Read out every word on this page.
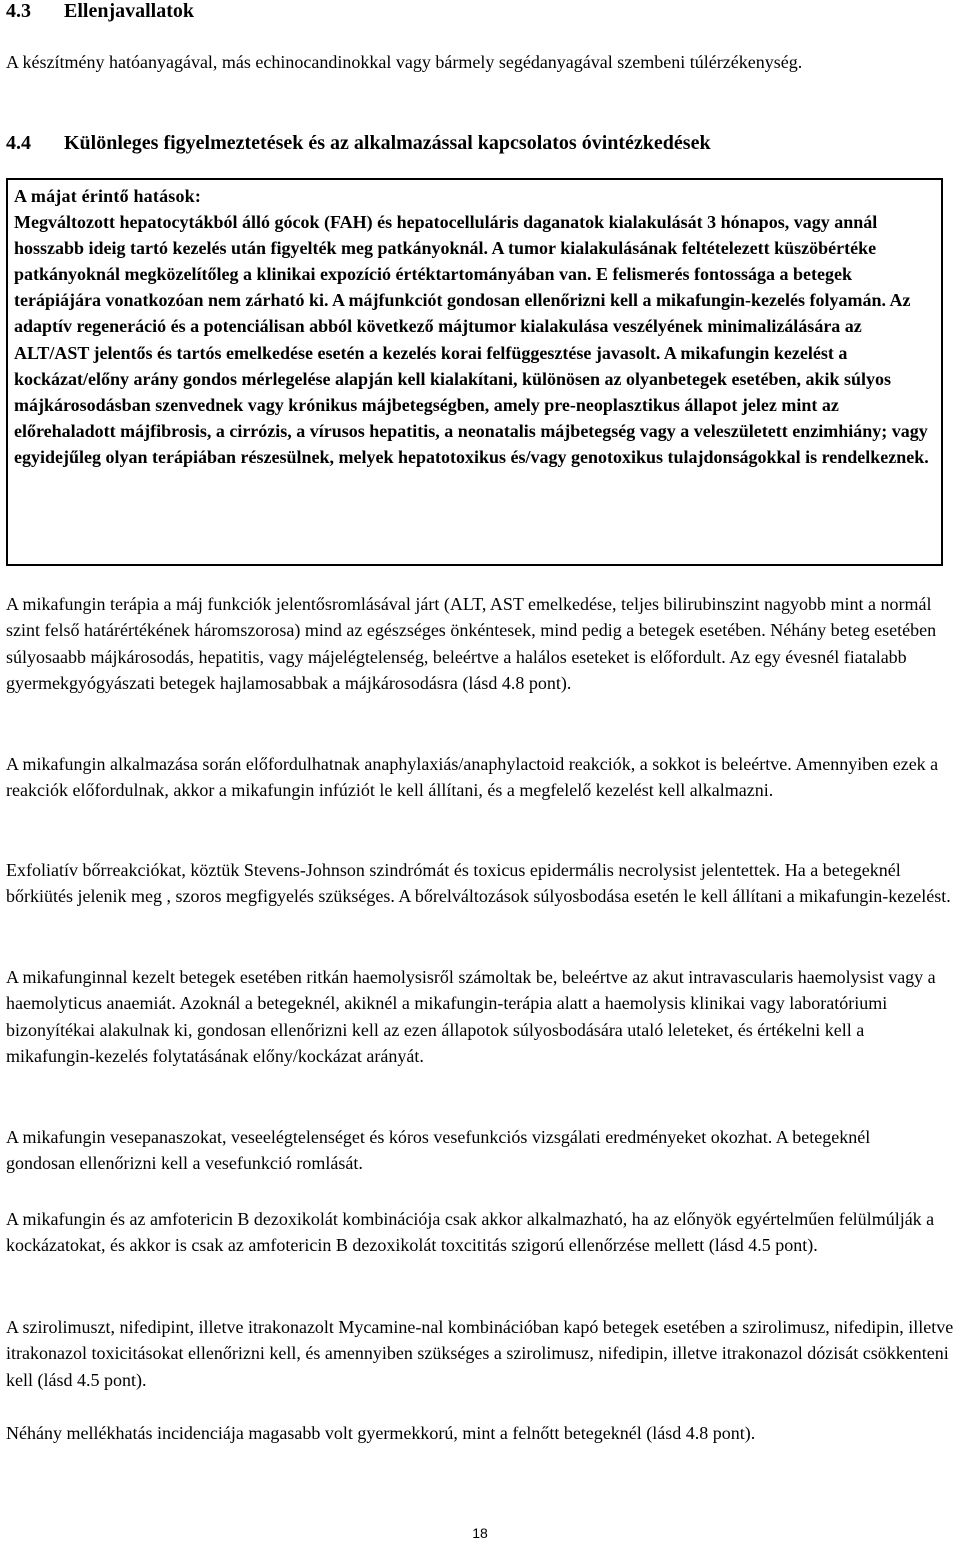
4.3 Ellenjavallatok

A készítmény hatóanyagával, más echinocandinokkal vagy bármely segédanyagával szembeni túlérzékenység.

4.4 Különleges figyelmeztetések és az alkalmazással kapcsolatos óvintézkedések

A májat érintő hatások:

Megváltozott hepatocytákból álló gócok (FAH) és hepatocelluláris daganatok kialakulását 3 hónapos, vagy annál hosszabb ideig tartó kezelés után figyelték meg patkányoknál. A tumor kialakulásának feltételezett küszöbértéke patkányoknál megközelítőleg a klinikai expozíció értéktartományában van. E felismerés fontossága a betegek terápiájára vonatkozóan nem zárható ki. A májfunkciót gondosan ellenőrizni kell a mikafungin-kezelés folyamán. Az adaptív regeneráció és a potenciálisan abból következő májtumor kialakulása veszélyének minimalizálására az ALT/AST jelentős és tartós emelkedése esetén a kezelés korai felfüggesztése javasolt. A mikafungin kezelést a kockázat/előny arány gondos mérlegelése alapján kell kialakítani, különösen az olyanbetegek esetében, akik súlyos májkárosodásban szenvednek vagy krónikus májbetegségben, amely pre-neoplasztikus állapot jelez mint az előrehaladott májfibrosis, a cirrózis, a vírusos hepatitis, a neonatalis májbetegség vagy a veleszületett enzimhiány; vagy egyidejűleg olyan terápiában részesülnek, melyek hepatotoxikus és/vagy genotoxikus tulajdonságokkal is rendelkeznek.

A mikafungin terápia a máj funkciók jelentősromlásával járt (ALT, AST emelkedése, teljes bilirubinszint nagyobb mint a normál szint felső határértékének háromszorosa) mind az egészséges önkéntesek, mind pedig a betegek esetében. Néhány beteg esetében súlyosaabb májkárosodás, hepatitis, vagy májelégtelenség, beleértve a halálos eseteket is előfordult. Az egy évesnél fiatalabb gyermekgyógyászati betegek hajlamosabbak a májkárosodásra (lásd 4.8 pont).

A mikafungin alkalmazása során előfordulhatnak anaphylaxiás/anaphylactoid reakciók, a sokkot is beleértve. Amennyiben ezek a reakciók előfordulnak, akkor a mikafungin infúziót le kell állítani, és a megfelelő kezelést kell alkalmazni.

Exfoliatív bőrreakciókat, köztük Stevens-Johnson szindrómát és toxicus epidermális necrolysist jelentettek. Ha a betegeknél bőrkiütés jelenik meg , szoros megfigyelés szükséges. A bőrelváltozások súlyosbodása esetén le kell állítani a mikafungin-kezelést.

A mikafunginnal kezelt betegek esetében ritkán haemolysisről számoltak be, beleértve az akut intravascularis haemolysist vagy a haemolyticus anaemiát. Azoknál a betegeknél, akiknél a mikafungin-terápia alatt a haemolysis klinikai vagy laboratóriumi bizonyítékai alakulnak ki, gondosan ellenőrizni kell az ezen állapotok súlyosbodására utaló leleteket, és értékelni kell a mikafungin-kezelés folytatásának előny/kockázat arányát.

A mikafungin vesepanaszokat, veseelégtelenséget és kóros vesefunkciós vizsgálati eredményeket okozhat. A betegeknél gondosan ellenőrizni kell a vesefunkció romlását.

A mikafungin és az amfotericin B dezoxikolát kombinációja csak akkor alkalmazható, ha az előnyök egyértelműen felülmúlják a kockázatokat, és akkor is csak az amfotericin B dezoxikolát toxcititás szigorú ellenőrzése mellett (lásd 4.5 pont).

A szirolimuszt, nifedipint, illetve itrakonazolt Mycamine-nal kombinációban kapó betegek esetében a szirolimusz, nifedipin, illetve itrakonazol toxicitásokat ellenőrizni kell, és amennyiben szükséges a szirolimusz, nifedipin, illetve itrakonazol dózisát csökkenteni kell (lásd 4.5 pont).

Néhány mellékhatás incidenciája magasabb volt gyermekkorú, mint a felnőtt betegeknél (lásd 4.8 pont).

18
